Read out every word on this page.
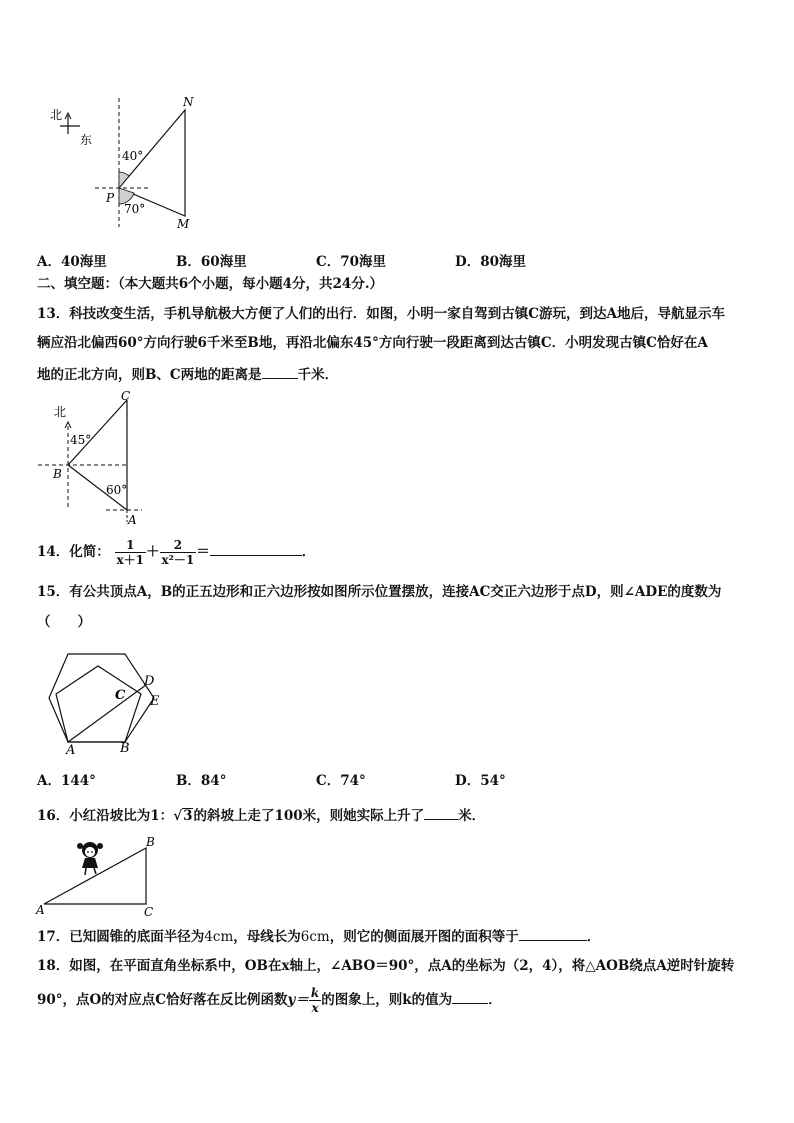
北
东
40°
70°
N
P
M
A．40海里	B．60海里	C．70海里	D．80海里
二、填空题：（本大题共6个小题，每小题4分，共24分.）
13．科技改变生活，手机导航极大方便了人们的出行．如图，小明一家自驾到古镇C游玩，到达A地后，导航显示车
辆应沿北偏西60°方向行驶6千米至B地，再沿北偏东45°方向行驶一段距离到达古镇C．小明发现古镇C恰好在A
地的正北方向，则B、C两地的距离是	千米．
北
45°
60°
C
B
A
14．化简： $\frac{1}{x+1} + \frac{2}{\text{x²－1}}$ ＝	．
15．有公共顶点A，B的正五边形和正六边形按如图所示位置摆放，连接AC交正六边形于点D，则∠ADE的度数为
（　　）
C
D
E
A	B
A．144°	B．84°	C．74°	D．54°
16．小红沿坡比为1：√3的斜坡上走了100米，则她实际上升了	米．
A
B
C
17．已知圆锥的底面半径为4cm，母线长为6cm，则它的侧面展开图的面积等于	．
18．如图，在平面直角坐标系中，OB在x轴上，∠ABO＝90°，点A的坐标为（2，4），将△AOB绕点A逆时针旋转
90°，点O的对应点C恰好落在反比例函数$y= \frac{k}{x}$ 的图象上，则k的值为	．
